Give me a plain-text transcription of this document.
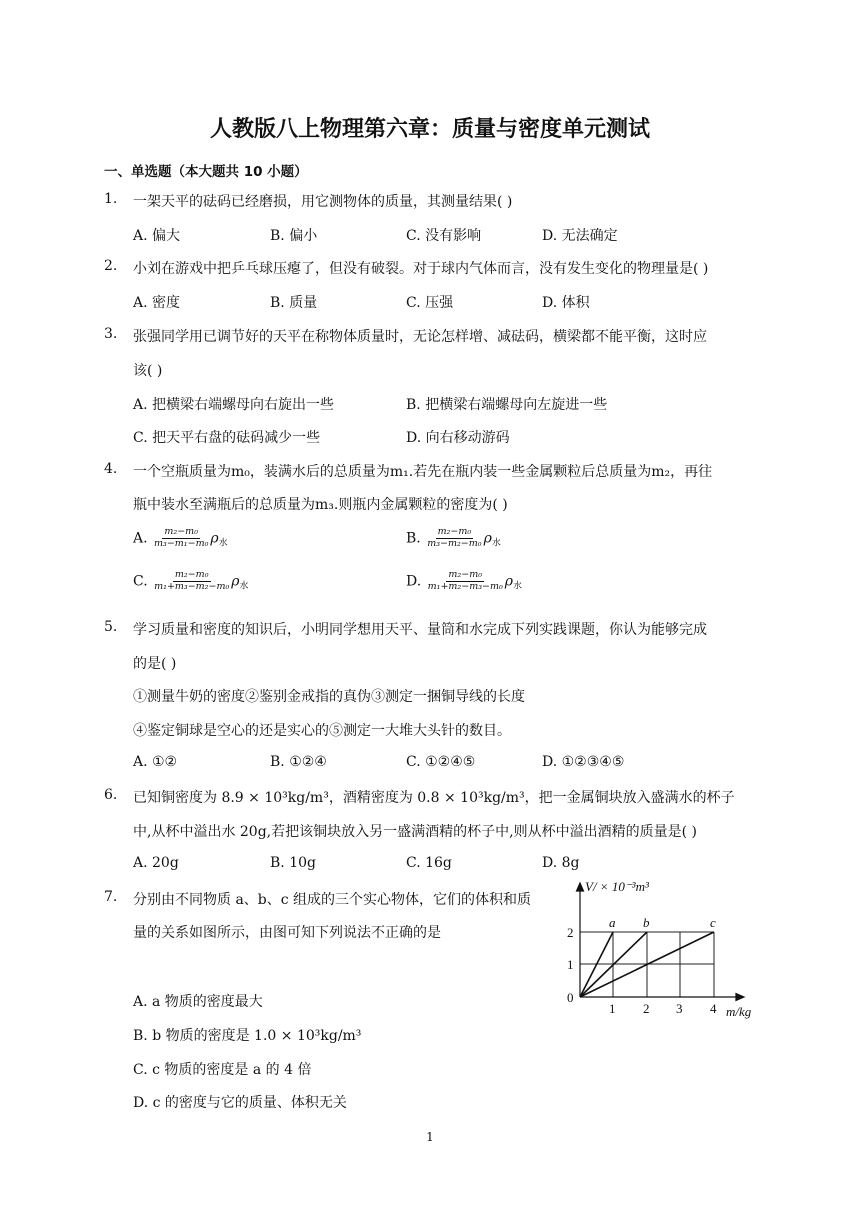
人教版八上物理第六章：质量与密度单元测试
一、单选题（本大题共 10 小题）
1. 一架天平的砝码已经磨损，用它测物体的质量，其测量结果( )
A. 偏大	B. 偏小	C. 没有影响	D. 无法确定
2. 小刘在游戏中把乒乓球压瘪了，但没有破裂。对于球内气体而言，没有发生变化的物理量是( )
A. 密度	B. 质量	C. 压强	D. 体积
3. 张强同学用已调节好的天平在称物体质量时，无论怎样增、减砝码，横梁都不能平衡，这时应
该( )
A. 把横梁右端螺母向右旋出一些	B. 把横梁右端螺母向左旋进一些
C. 把天平右盘的砝码减少一些	D. 向右移动游码
4. 一个空瓶质量为m₀，装满水后的总质量为m₁.若先在瓶内装一些金属颗粒后总质量为m₂，再往
瓶中装水至满瓶后的总质量为m₃.则瓶内金属颗粒的密度为( )
A. $\frac{\text{m₂−m₀}}{\text{m₃−m₁−m₀}} \rho_水$	B. $\frac{\text{m₂−m₀}}{\text{m₃−m₂−m₀}} \rho_水$
C. $\frac{\text{m₂−m₀}}{\text{m₁+m₃−m₂−m₀}} \rho_水$	D. $\frac{\text{m₂−m₀}}{\text{m₁+m₂−m₃−m₀}} \rho_水$
5. 学习质量和密度的知识后，小明同学想用天平、量筒和水完成下列实践课题，你认为能够完成
的是( )
①测量牛奶的密度②鉴别金戒指的真伪③测定一捆铜导线的长度
④鉴定铜球是空心的还是实心的⑤测定一大堆大头针的数目。
A. ①②	B. ①②④	C. ①②④⑤	D. ①②③④⑤
6. 已知铜密度为 8.9 × 10³kg/m³，酒精密度为 0.8 × 10³kg/m³，把一金属铜块放入盛满水的杯子
中,从杯中溢出水 20g,若把该铜块放入另一盛满酒精的杯子中,则从杯中溢出酒精的质量是( )
A. 20g	B. 10g	C. 16g	D. 8g
7. 分别由不同物质 a、b、c 组成的三个实心物体，它们的体积和质
量的关系如图所示，由图可知下列说法不正确的是
A. a 物质的密度最大
B. b 物质的密度是 1.0 × 10³kg/m³
C. c 物质的密度是 a 的 4 倍
D. c 的密度与它的质量、体积无关
V/ × 10⁻³m³
m/kg
0
1
2
1 2 3 4
a b	c
1
